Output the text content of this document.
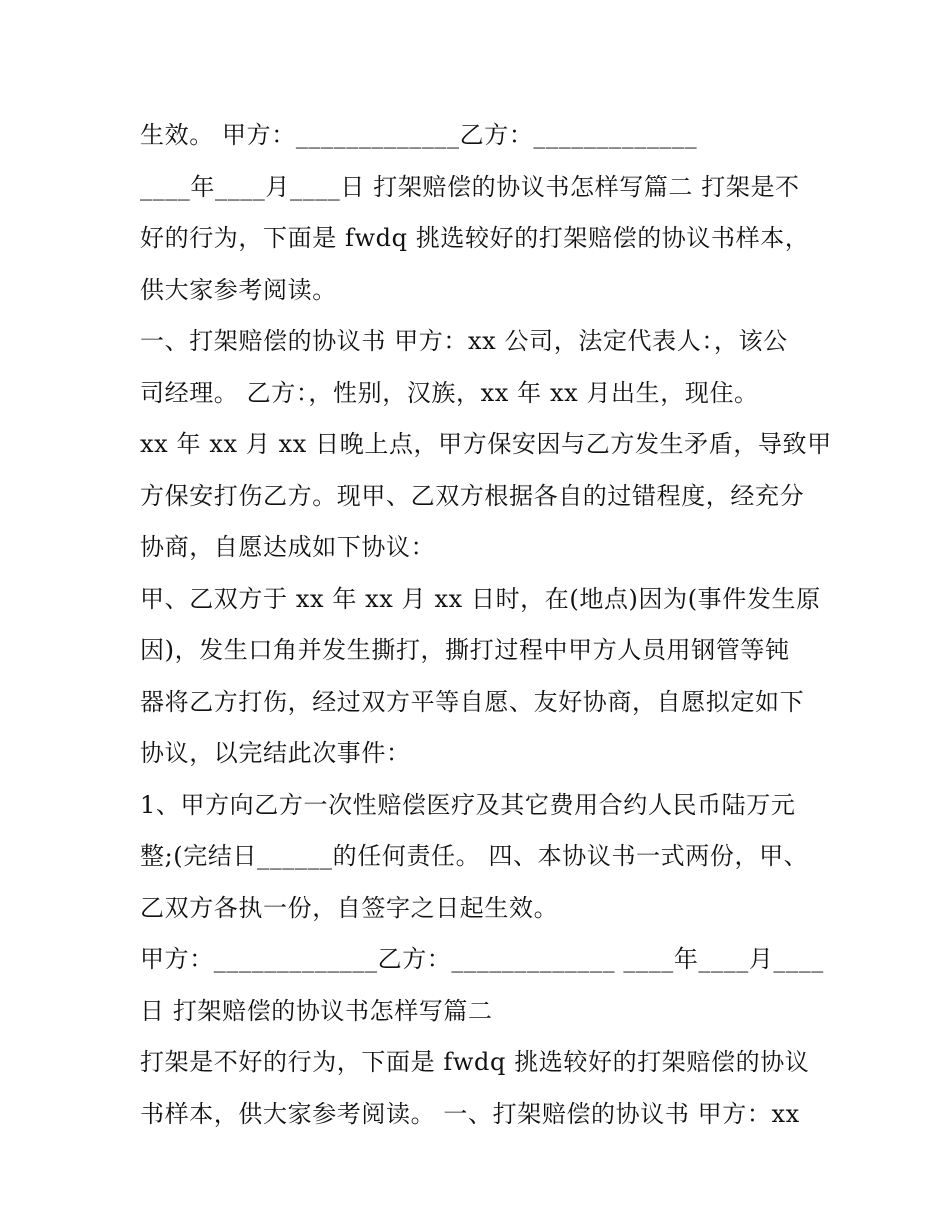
生效。 甲方：_____________乙方：_____________
____年____月____日 打架赔偿的协议书怎样写篇二 打架是不
好的行为，下面是 fwdq 挑选较好的打架赔偿的协议书样本，
供大家参考阅读。
一、打架赔偿的协议书 甲方：xx 公司，法定代表人：，该公
司经理。 乙方：，性别，汉族，xx 年 xx 月出生，现住。
xx 年 xx 月 xx 日晚上点，甲方保安因与乙方发生矛盾，导致甲
方保安打伤乙方。现甲、乙双方根据各自的过错程度，经充分
协商，自愿达成如下协议：
甲、乙双方于 xx 年 xx 月 xx 日时，在(地点)因为(事件发生原
因)，发生口角并发生撕打，撕打过程中甲方人员用钢管等钝
器将乙方打伤，经过双方平等自愿、友好协商，自愿拟定如下
协议，以完结此次事件：
1、甲方向乙方一次性赔偿医疗及其它费用合约人民币陆万元
整;(完结日______的任何责任。 四、本协议书一式两份，甲、
乙双方各执一份，自签字之日起生效。
甲方：_____________乙方：_____________ ____年____月____
日 打架赔偿的协议书怎样写篇二
打架是不好的行为，下面是 fwdq 挑选较好的打架赔偿的协议
书样本，供大家参考阅读。 一、打架赔偿的协议书 甲方：xx
